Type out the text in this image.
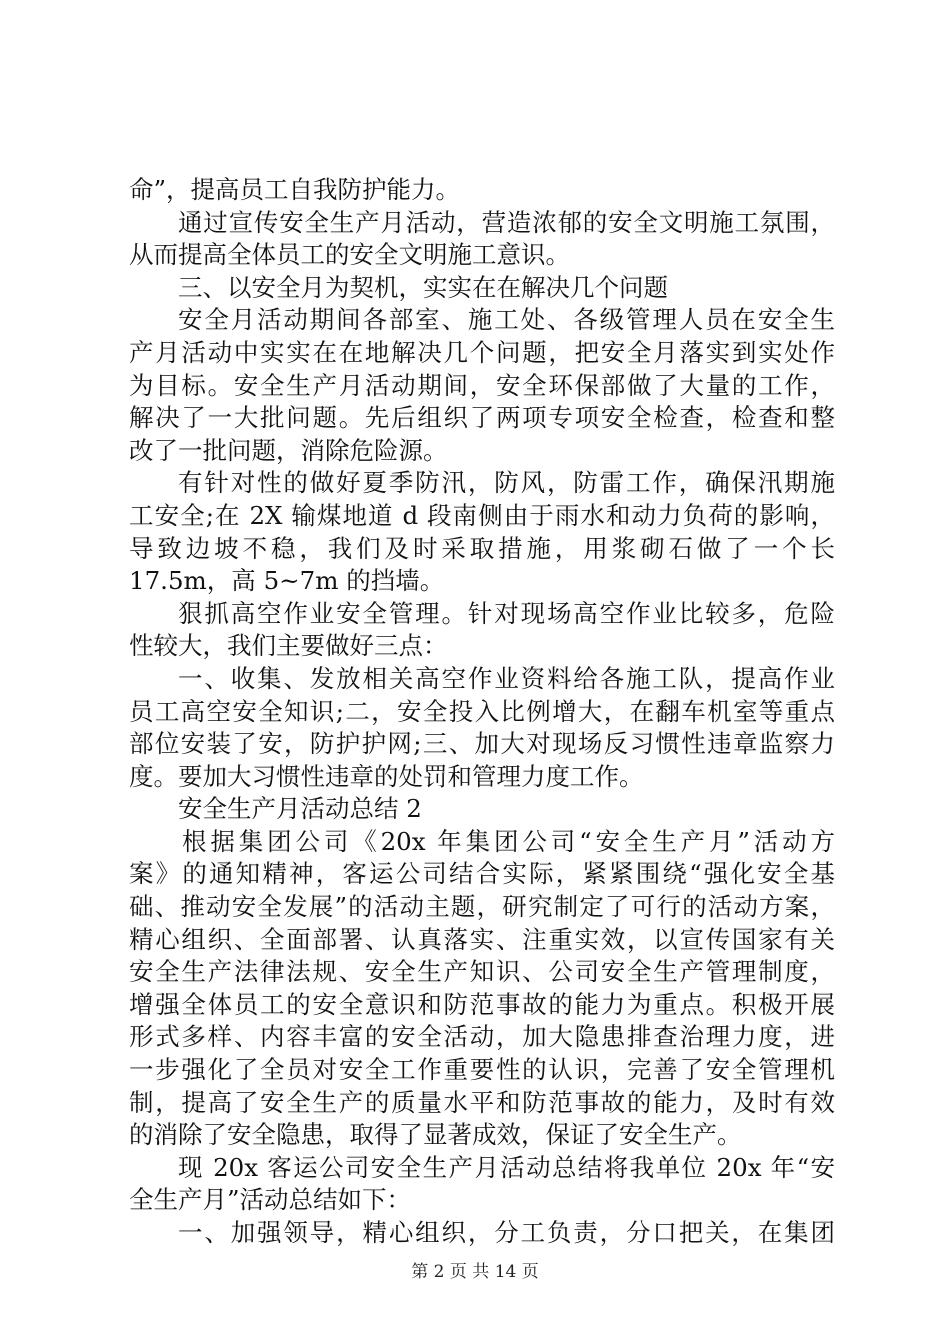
命”，提高员工自我防护能力。
通过宣传安全生产月活动，营造浓郁的安全文明施工氛围，
从而提高全体员工的安全文明施工意识。
三、以安全月为契机，实实在在解决几个问题
安全月活动期间各部室、施工处、各级管理人员在安全生
产月活动中实实在在地解决几个问题，把安全月落实到实处作
为目标。安全生产月活动期间，安全环保部做了大量的工作，
解决了一大批问题。先后组织了两项专项安全检查，检查和整
改了一批问题，消除危险源。
有针对性的做好夏季防汛，防风，防雷工作，确保汛期施
工安全;在 2X 输煤地道 d 段南侧由于雨水和动力负荷的影响，
导致边坡不稳，我们及时采取措施，用浆砌石做了一个长
17.5m，高 5~7m 的挡墙。
狠抓高空作业安全管理。针对现场高空作业比较多，危险
性较大，我们主要做好三点：
一、收集、发放相关高空作业资料给各施工队，提高作业
员工高空安全知识;二，安全投入比例增大，在翻车机室等重点
部位安装了安，防护护网;三、加大对现场反习惯性违章监察力
度。要加大习惯性违章的处罚和管理力度工作。
安全生产月活动总结 2
根据集团公司《20x 年集团公司“安全生产月”活动方
案》的通知精神，客运公司结合实际，紧紧围绕“强化安全基
础、推动安全发展”的活动主题，研究制定了可行的活动方案，
精心组织、全面部署、认真落实、注重实效，以宣传国家有关
安全生产法律法规、安全生产知识、公司安全生产管理制度，
增强全体员工的安全意识和防范事故的能力为重点。积极开展
形式多样、内容丰富的安全活动，加大隐患排查治理力度，进
一步强化了全员对安全工作重要性的认识，完善了安全管理机
制，提高了安全生产的质量水平和防范事故的能力，及时有效
的消除了安全隐患，取得了显著成效，保证了安全生产。
现 20x 客运公司安全生产月活动总结将我单位 20x 年“安
全生产月”活动总结如下：
一、加强领导，精心组织，分工负责，分口把关，在集团
第 2 页 共 14 页
